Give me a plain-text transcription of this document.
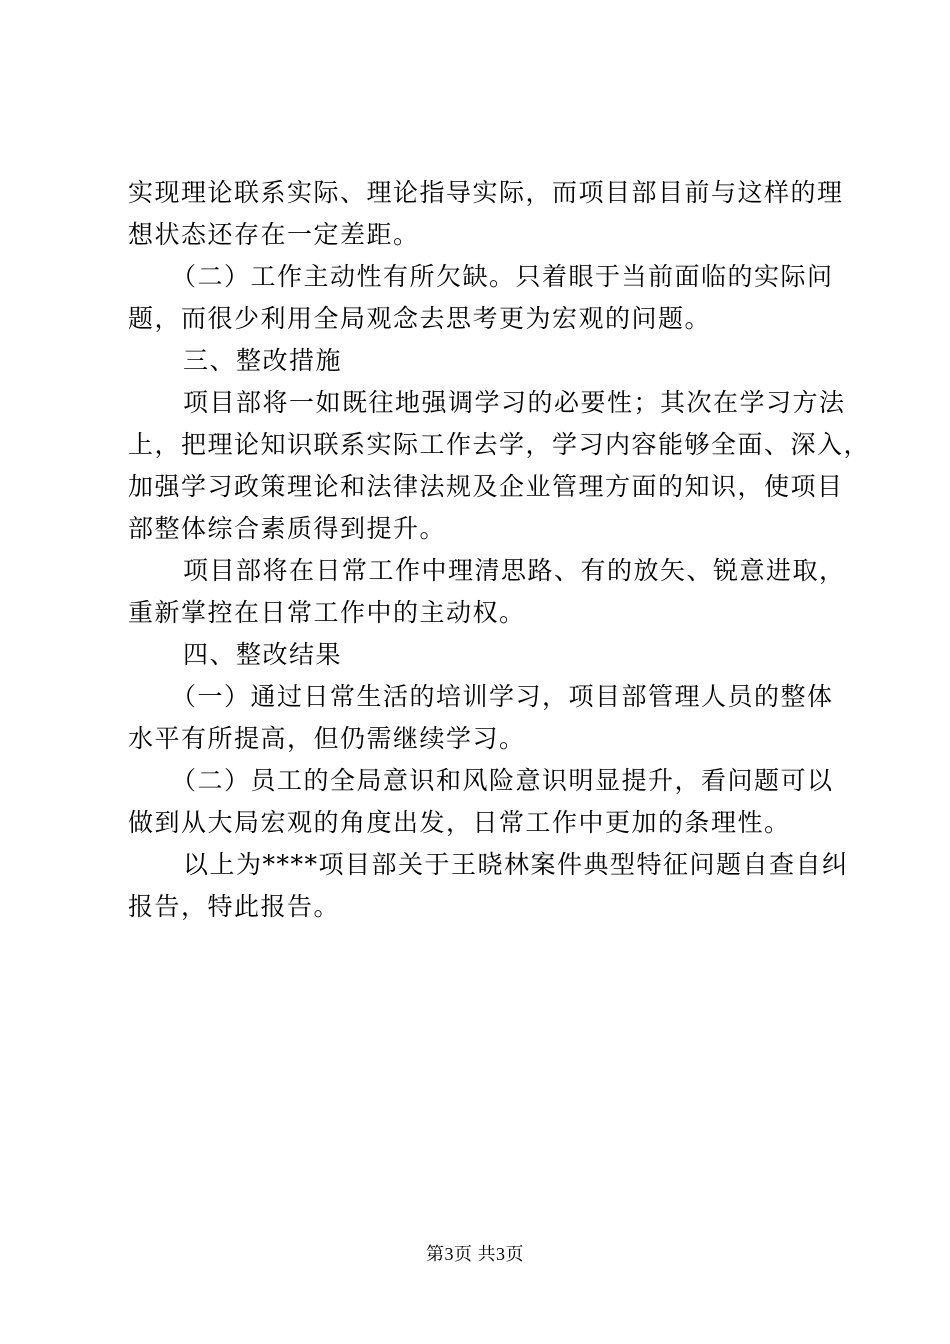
实现理论联系实际、理论指导实际，而项目部目前与这样的理
想状态还存在一定差距。
（二）工作主动性有所欠缺。只着眼于当前面临的实际问
题，而很少利用全局观念去思考更为宏观的问题。
三、整改措施
项目部将一如既往地强调学习的必要性；其次在学习方法
上，把理论知识联系实际工作去学，学习内容能够全面、深入，
加强学习政策理论和法律法规及企业管理方面的知识，使项目
部整体综合素质得到提升。
项目部将在日常工作中理清思路、有的放矢、锐意进取，
重新掌控在日常工作中的主动权。
四、整改结果
（一）通过日常生活的培训学习，项目部管理人员的整体
水平有所提高，但仍需继续学习。
（二）员工的全局意识和风险意识明显提升，看问题可以
做到从大局宏观的角度出发，日常工作中更加的条理性。
以上为****项目部关于王晓林案件典型特征问题自查自纠
报告，特此报告。
第3页 共3页
